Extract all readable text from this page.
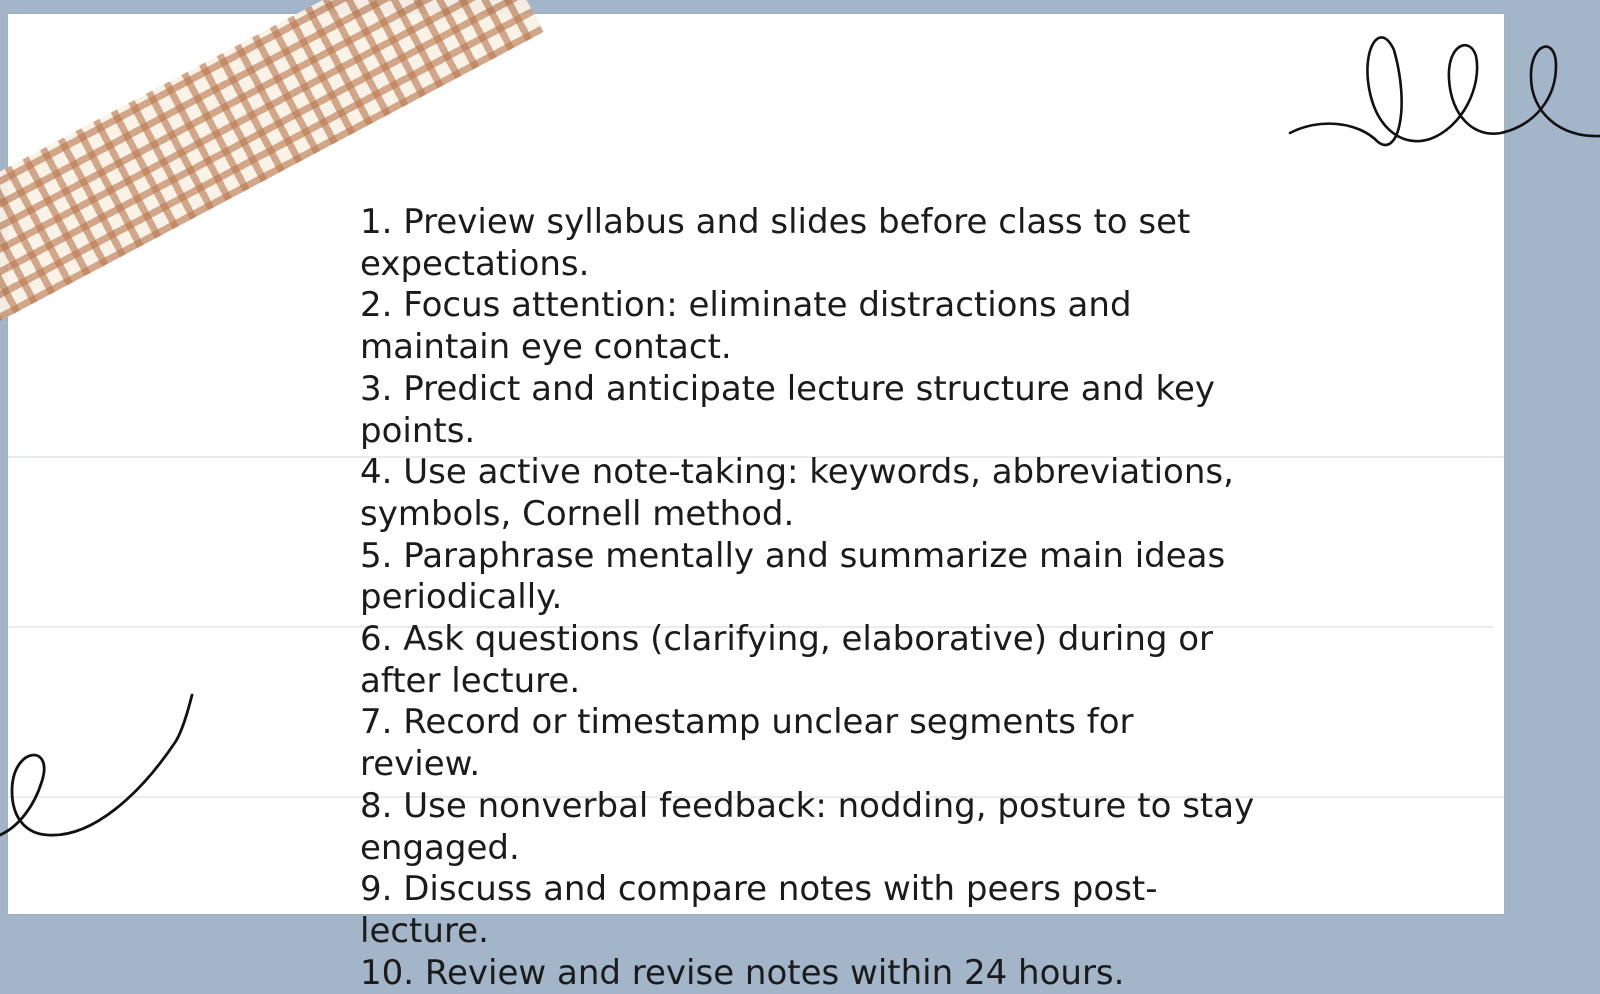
1. Preview syllabus and slides before class to set expectations.
2. Focus attention: eliminate distractions and maintain eye contact.
3. Predict and anticipate lecture structure and key points.
4. Use active note-taking: keywords, abbreviations, symbols, Cornell method.
5. Paraphrase mentally and summarize main ideas periodically.
6. Ask questions (clarifying, elaborative) during or after lecture.
7. Record or timestamp unclear segments for review.
8. Use nonverbal feedback: nodding, posture to stay engaged.
9. Discuss and compare notes with peers post-lecture.
10. Review and revise notes within 24 hours.
